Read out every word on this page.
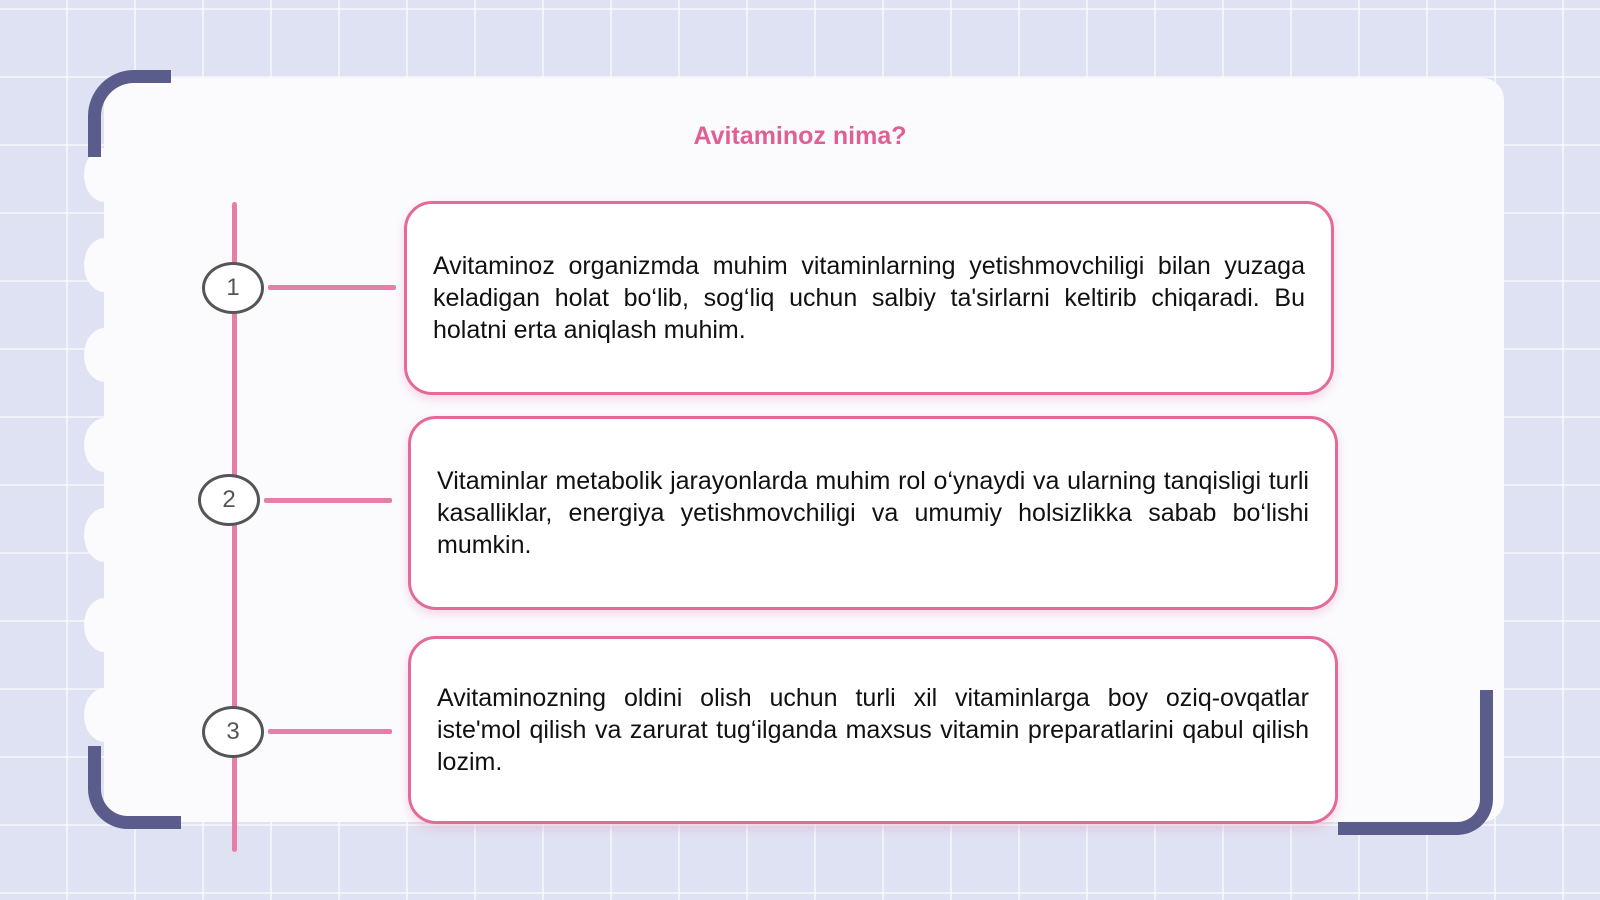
Avitaminoz nima?
1
2
3

Avitaminoz organizmda muhim vitaminlarning yetishmovchiligi bilan yuzaga keladigan holat bo‘lib, sog‘liq uchun salbiy ta'sirlarni keltirib chiqaradi. Bu holatni erta aniqlash muhim.

Vitaminlar metabolik jarayonlarda muhim rol o‘ynaydi va ularning tanqisligi turli kasalliklar, energiya yetishmovchiligi va umumiy holsizlikka sabab bo‘lishi mumkin.

Avitaminozning oldini olish uchun turli xil vitaminlarga boy oziq-ovqatlar iste'mol qilish va zarurat tug‘ilganda maxsus vitamin preparatlarini qabul qilish lozim.
